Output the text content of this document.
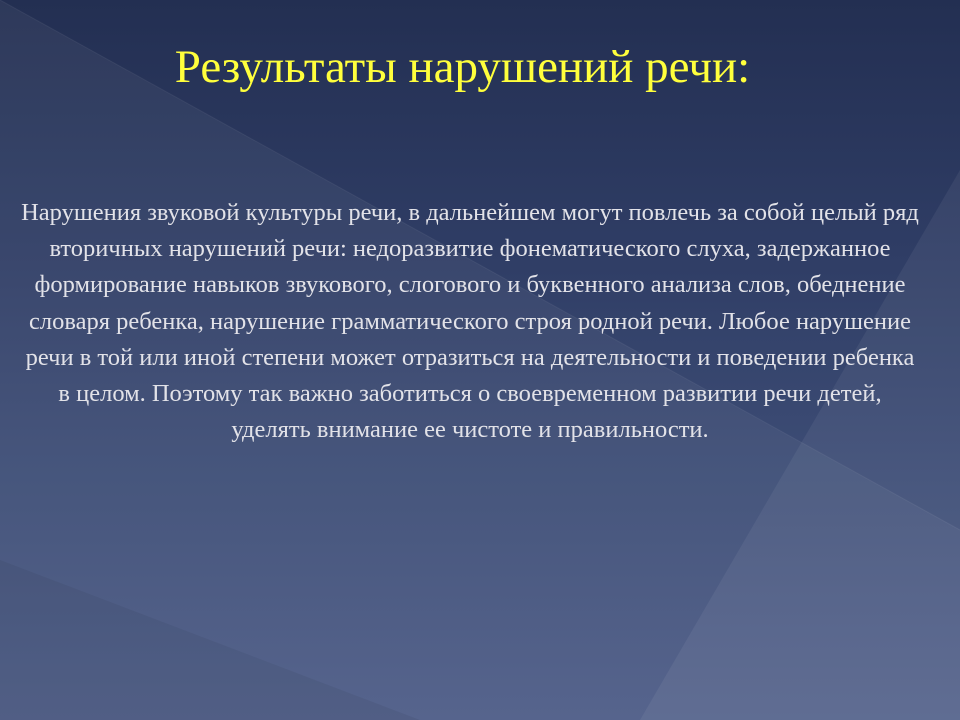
Результаты нарушений речи:

Нарушения звуковой культуры речи, в дальнейшем могут повлечь за собой целый ряд вторичных нарушений речи: недоразвитие фонематического слуха, задержанное формирование навыков звукового, слогового и буквенного анализа слов, обеднение словаря ребенка, нарушение грамматического строя родной речи. Любое нарушение речи в той или иной степени может отразиться на деятельности и поведении ребенка в целом. Поэтому так важно заботиться о своевременном развитии речи детей, уделять внимание ее чистоте и правильности.
